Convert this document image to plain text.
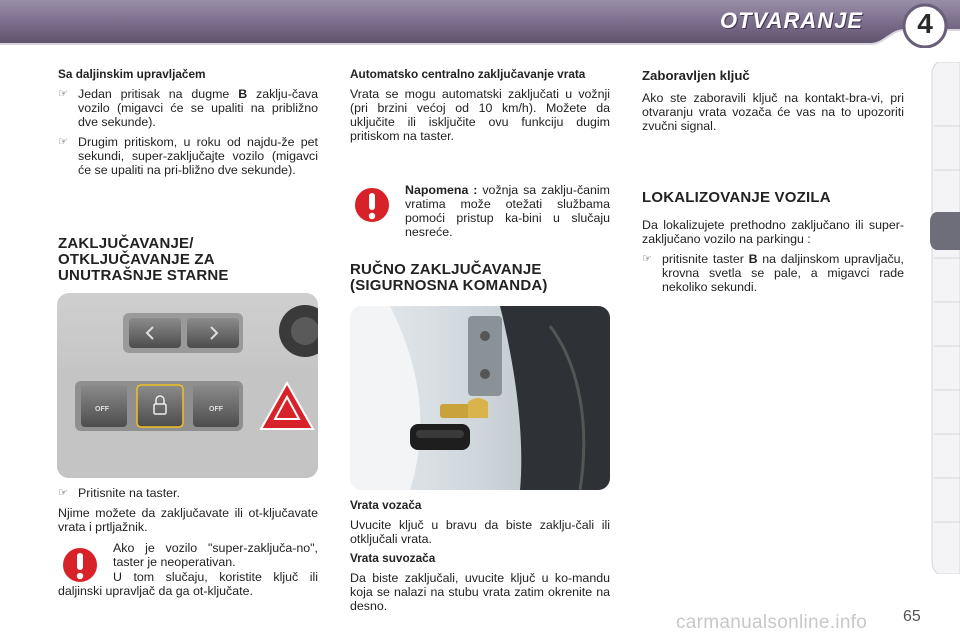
OTVARANJE	4
Sa daljinskim upravljačem
☞ Jedan pritisak na dugme B zaklju-čava vozilo (migavci će se upaliti na približno dve sekunde).
☞ Drugim pritiskom, u roku od najdu-že pet sekundi, super-zaključajte vozilo (migavci će se upaliti na pri-bližno dve sekunde).
ZAKLJUČAVANJE/ OTKLJUČAVANJE ZA UNUTRAŠNJE STARNE
OFF	OFF
☞ Pritisnite na taster.

Njime možete da zaključavate ili ot-ključavate vrata i prtljažnik.

Ako je vozilo "super-zaključa-no", taster je neoperativan.

U tom slučaju, koristite ključ ili daljinski upravljač da ga ot-ključate.

Automatsko centralno zaključavanje vrata

Vrata se mogu automatski zaključati u vožnji (pri brzini većoj od 10 km/h). Možete da uključite ili isključite ovu funkciju dugim pritiskom na taster.

Napomena : vožnja sa zaklju-čanim vratima može otežati službama pomoći pristup ka-bini u slučaju nesreće.

RUČNO ZAKLJUČAVANJE (SIGURNOSNA KOMANDA)
Vrata vozača

Uvucite ključ u bravu da biste zaklju-čali ili otključali vrata.

Vrata suvozača

Da biste zaključali, uvucite ključ u ko-mandu koja se nalazi na stubu vrata zatim okrenite na desno.

Zaboravljen ključ

Ako ste zaboravili ključ na kontakt-bra-vi, pri otvaranju vrata vozača će vas na to upozoriti zvučni signal.

LOKALIZOVANJE VOZILA

Da lokalizujete prethodno zaključano ili super-zaključano vozilo na parkingu :

☞ pritisnite taster B na daljinskom upravljaču, krovna svetla se pale, a migavci rade nekoliko sekundi.
carmanualsonline.info 65
